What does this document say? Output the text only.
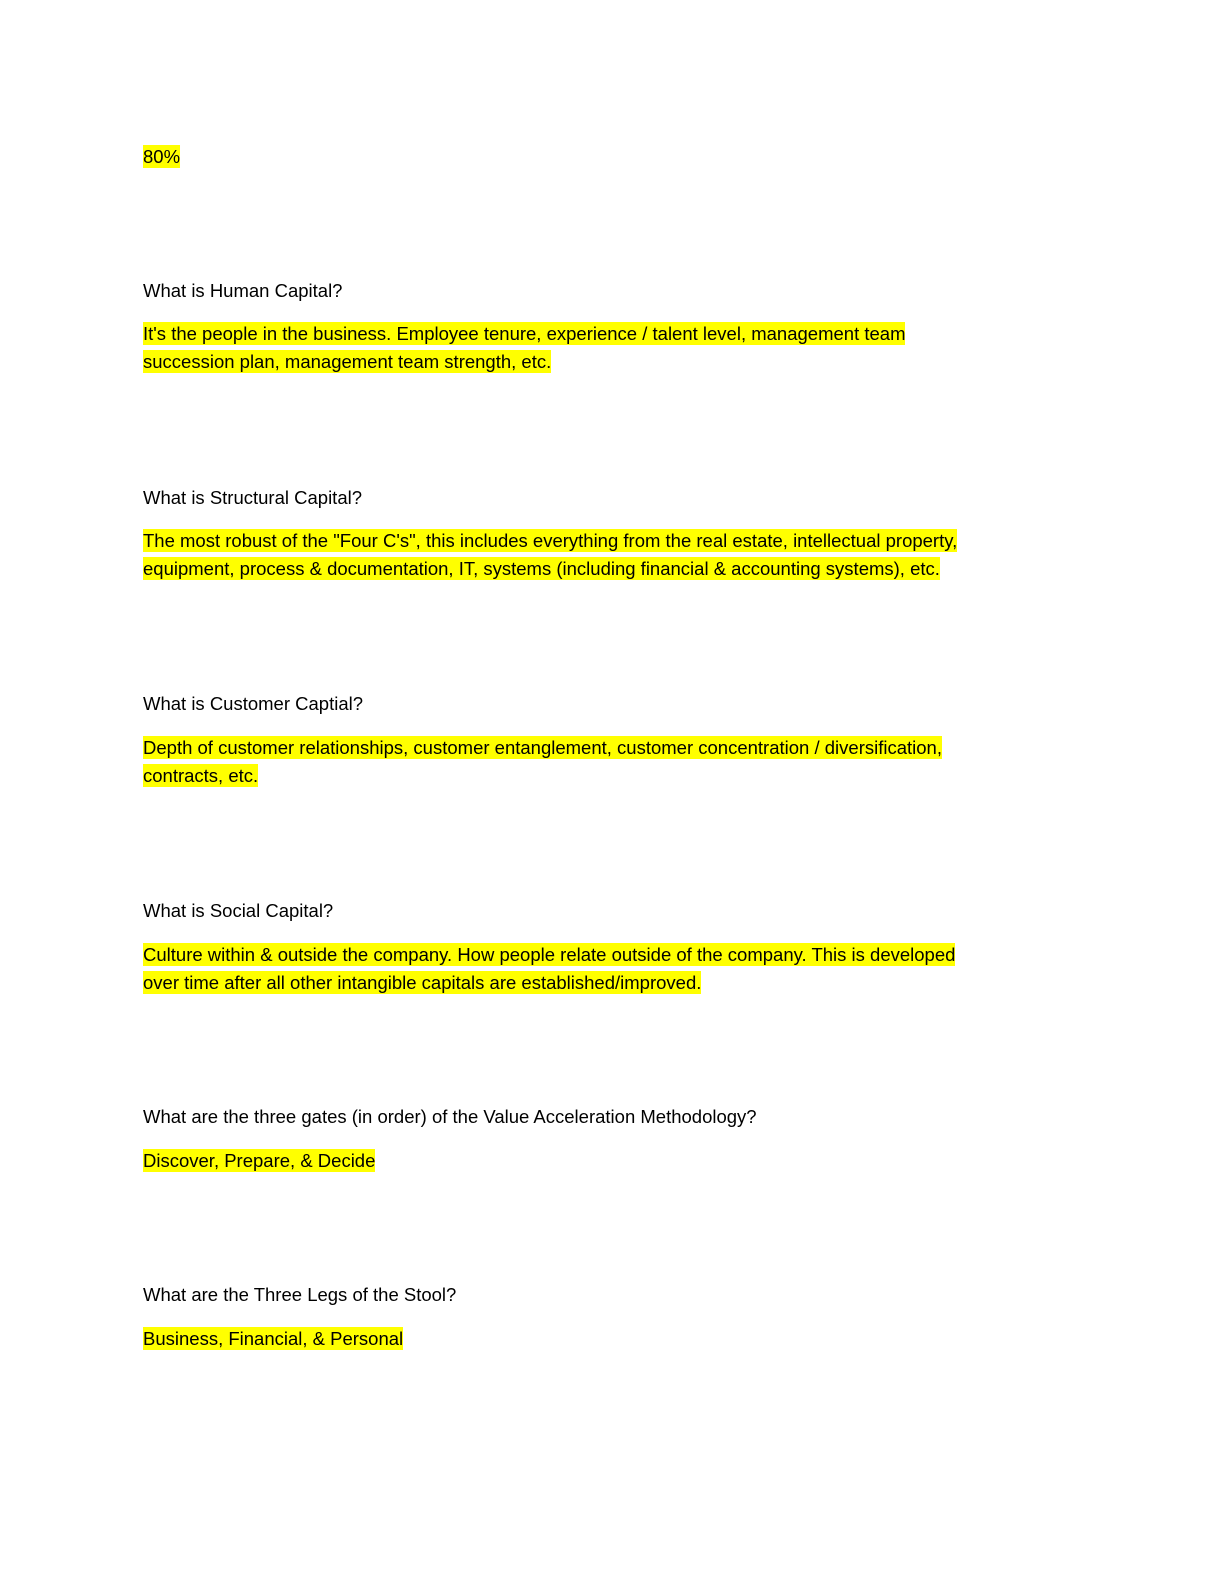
80%

What is Human Capital?

It's the people in the business. Employee tenure, experience / talent level, management team
succession plan, management team strength, etc.

What is Structural Capital?

The most robust of the "Four C's", this includes everything from the real estate, intellectual property,
equipment, process & documentation, IT, systems (including financial & accounting systems), etc.

What is Customer Captial?

Depth of customer relationships, customer entanglement, customer concentration / diversification,
contracts, etc.

What is Social Capital?

Culture within & outside the company. How people relate outside of the company. This is developed
over time after all other intangible capitals are established/improved.

What are the three gates (in order) of the Value Acceleration Methodology?

Discover, Prepare, & Decide

What are the Three Legs of the Stool?

Business, Financial, & Personal
